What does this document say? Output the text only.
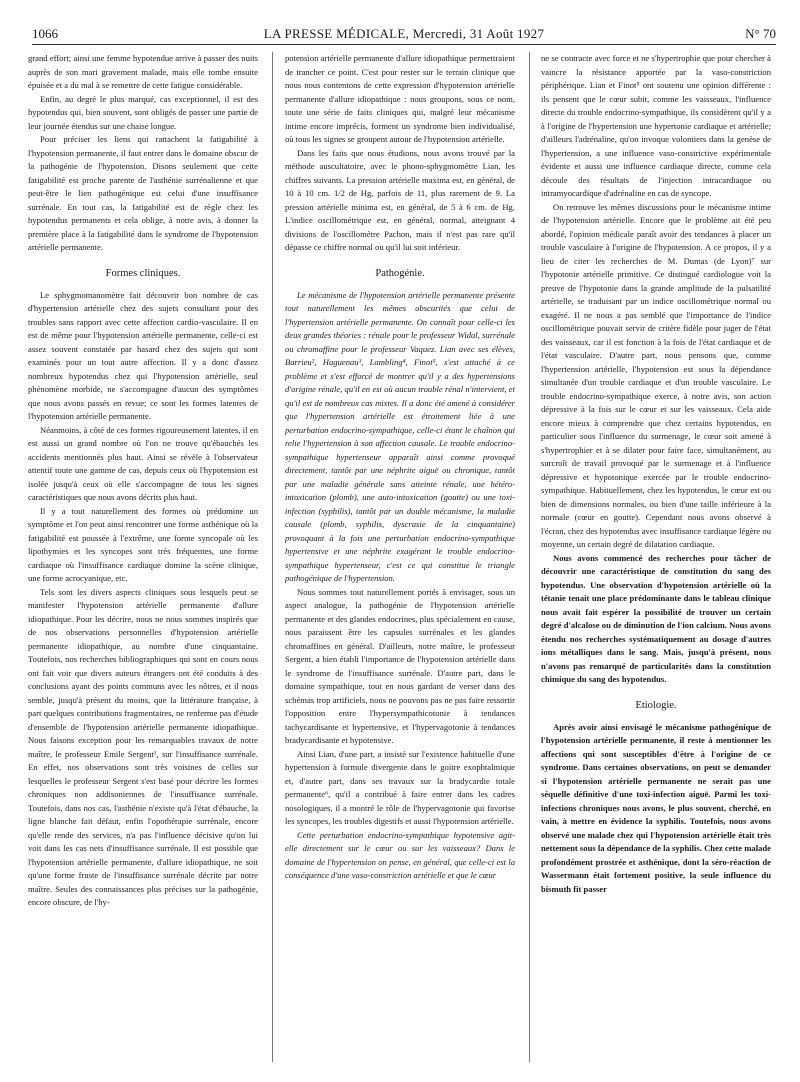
1066	LA PRESSE MÉDICALE, Mercredi, 31 Août 1927	N° 70

grand effort; ainsi une femme hypotendue arrive à passer des nuits auprès de son mari gravement malade, mais elle tombe ensuite épuisée et a du mal à se remettre de cette fatigue considérable.

Enfin, au degré le plus marqué, cas exceptionnel, il est des hypotendus qui, bien souvent, sont obligés de passer une partie de leur journée étendus sur une chaise longue.

Pour préciser les liens qui rattachent la fatigabilité à l'hypotension permanente, il faut entrer dans le domaine obscur de la pathogénie de l'hypotension. Disons seulement que cette fatigabilité est proche parente de l'asthénie surrénalienne et que peut-être le lien pathogénique est celui d'une insuffisance surrénale. En tout cas, la fatigabilité est de règle chez les hypotendus permanents et cela oblige, à notre avis, à donner la première place à la fatigabilité dans le syndrome de l'hypotension artérielle permanente.

Formes cliniques.

Le sphygmomanomètre fait découvrir bon nombre de cas d'hypertension artérielle chez des sujets consultant pour des troubles sans rapport avec cette affection cardio-vasculaire. Il en est de même pour l'hypotension artérielle permanente, celle-ci est assez souvent constatée par hasard chez des sujets qui sont examinés pour un tout autre affection. Il y a donc d'assez nombreux hypotendus chez qui l'hypotension artérielle, seul phénomène morbide, ne s'accompagne d'aucun des symptômes que nous avons passés en revue; ce sont les formes latentes de l'hypotension artérielle permanente.

Néanmoins, à côté de ces formes rigoureusement latentes, il en est aussi un grand nombre où l'on ne trouve qu'ébauchés les accidents mentionnés plus haut. Ainsi se révèle à l'observateur attentif toute une gamme de cas, depuis ceux où l'hypotension est isolée jusqu'à ceux où elle s'accompagne de tous les signes caractéristiques que nous avons décrits plus haut.

Il y a tout naturellement des formes où prédomine un symptôme et l'on peut ainsi rencontrer une forme asthénique où la fatigabilité est poussée à l'extrême, une forme syncopale où les lipothymies et les syncopes sont très fréquentes, une forme cardiaque où l'insuffisance cardiaque domine la scène clinique, une forme acrocyanique, etc.

Tels sont les divers aspects cliniques sous lesquels peut se manifester l'hypotension artérielle permanente d'allure idiopathique. Pour les décrire, nous ne nous sommes inspirés que de nos observations personnelles d'hypotension artérielle permanente idiopathique, au nombre d'une cinquantaine. Toutefois, nos recherches bibliographiques qui sont en cours nous ont fait voir que divers auteurs étrangers ont été conduits à des conclusions ayant des points communs avec les nôtres, et il nous semble, jusqu'à présent du moins, que la littérature française, à part quelques contributions fragmentaires, ne renferme pas d'étude d'ensemble de l'hypotension artérielle permanente idiopathique. Nous faisons exception pour les remarquables travaux de notre maître, le professeur Emile Sergent¹, sur l'insuffisance surrénale. En effet, nos observations sont très voisines de celles sur lesquelles le professeur Sergent s'est basé pour décrire les formes chroniques non addisoniennes de l'insuffisance surrénale. Toutefois, dans nos cas, l'asthénie n'existe qu'à l'état d'ébauche, la ligne blanche fait défaut, enfin l'opothérapie surrénale, encore qu'elle rende des services, n'a pas l'influence décisive qu'on lui voit dans les cas nets d'insuffisance surrénale. Il est possible que l'hypotension artérielle permanente, d'allure idiopathique, ne soit qu'une forme fruste de l'insuffisance surrénale décrite par notre maître. Seules des connaissances plus précises sur la pathogénie, encore obscure, de l'hy-

potension artérielle permanente d'allure idiopathique permettraient de trancher ce point. C'est pour rester sur le terrain clinique que nous nous contentons de cette expression d'hypotension artérielle permanente d'allure idiopathique : nous groupons, sous ce nom, toute une série de faits cliniques qui, malgré leur mécanisme intime encore imprécis, forment un syndrome bien individualisé, où tous les signes se groupent autour de l'hypotension artérielle.

Dans les faits que nous étudions, nous avons trouvé par la méthode auscultatoire, avec le phono-sphygmomètre Lian, les chiffres suivants. La pression artérielle maxima est, en général, de 10 à 10 cm. 1/2 de Hg, parfois de 11, plus rarement de 9. La pression artérielle minima est, en général, de 5 à 6 cm. de Hg. L'indice oscillométrique est, en général, normal, atteignant 4 divisions de l'oscillomètre Pachon, mais il n'est pas rare qu'il dépasse ce chiffre normal ou qu'il lui soit inférieur.

Pathogénie.

Le mécanisme de l'hypotension artérielle permanente présente tout naturellement les mêmes obscurités que celui de l'hypertension artérielle permanente. On connaît pour celle-ci les deux grandes théories : rénale pour le professeur Widal, surrénale ou chromaffine pour le professeur Vaquez. Lian avec ses élèves, Barrieu², Haguenau³, Lambling⁴, Finot⁵, s'est attaché à ce problème et s'est efforcé de montrer qu'il y a des hypertensions d'origine rénale, qu'il en est où aucun trouble rénal n'intervient, et qu'il est de nombreux cas mixtes. Il a donc été amené à considérer que l'hypertension artérielle est étroitement liée à une perturbation endocrino-sympathique, celle-ci étant le chaînon qui relie l'hypertension à son affection causale. Le trouble endocrino-sympathique hypertenseur apparaît ainsi comme provoqué directement, tantôt par une néphrite aiguë ou chronique, tantôt par une maladie générale sans atteinte rénale, une hétéro-intoxication (plomb), une auto-intoxication (goutte) ou une toxi-infection (syphilis), tantôt par un double mécanisme, la maladie causale (plomb, syphilis, dyscrasie de la cinquantaine) provoquant à la fois une perturbation endocrino-sympathique hypertensive et une néphrite exagérant le trouble endocrino-sympathique hypertenseur, c'est ce qui constitue le triangle pathogénique de l'hypertension.

Nous sommes tout naturellement portés à envisager, sous un aspect analogue, la pathogénie de l'hypotension artérielle permanente et des glandes endocrines, plus spécialement en cause, nous paraissent être les capsules surrénales et les glandes chromaffines en général. D'ailleurs, notre maître, le professeur Sergent, a bien établi l'importance de l'hypotension artérielle dans le syndrome de l'insuffisance surrénale. D'autre part, dans le domaine sympathique, tout en nous gardant de verser dans des schémas trop artificiels, nous ne pouvons pas ne pas faire ressortir l'opposition entre l'hypersympathicotonie à tendances tachycardisante et hypertensive, et l'hypervagotonie à tendances bradycardisante et hypotensive.

Ainsi Lian, d'une part, a insisté sur l'existence habituelle d'une hypertension à formule divergente dans le goitre exophtalmique et, d'autre part, dans ses travaux sur la bradycardie totale permanente⁶, qu'il a contribué à faire entrer dans les cadres nosologiques, il a montré le rôle de l'hypervagotonie qui favorise les syncopes, les troubles digestifs et aussi l'hypotension artérielle.

Cette perturbation endocrino-sympathique hypotensive agit-elle directement sur le cœur ou sur les vaisseaux? Dans le domaine de l'hypertension on pense, en général, que celle-ci est la conséquence d'une vaso-constriction artérielle et que le cœur

ne se contracte avec force et ne s'hypertrophie que pour chercher à vaincre la résistance apportée par la vaso-constriction périphérique. Lian et Finot⁵ ont soutenu une opinion différente : ils pensent que le cœur subit, comme les vaisseaux, l'influence directe du trouble endocrino-sympathique, ils considèrent qu'il y a à l'origine de l'hypertension une hypertonie cardiaque et artérielle; d'ailleurs l'adrénaline, qu'on invoque volontiers dans la genèse de l'hypertension, a une influence vaso-constrictive expérimentale évidente et aussi une influence cardiaque directe, comme cela découle des résultats de l'injection intracardiaque ou intramyocardique d'adrénaline en cas de syncope.

On retrouve les mêmes discussions pour le mécanisme intime de l'hypotension artérielle. Encore que le problème ait été peu abordé, l'opinion médicale paraît avoir des tendances à placer un trouble vasculaire à l'origine de l'hypotension. A ce propos, il y a lieu de citer les recherches de M. Dumas (de Lyon)⁷ sur l'hypotonie artérielle primitive. Ce distingué cardiologue voit la preuve de l'hypotonie dans la grande amplitude de la pulsatilité artérielle, se traduisant par un indice oscillométrique normal ou exagéré. Il ne nous a pas semblé que l'importance de l'indice oscillométrique pouvait servir de critère fidèle pour juger de l'état des vaisseaux, car il est fonction à la fois de l'état cardiaque et de l'état vasculaire. D'autre part, nous pensons que, comme l'hypertension artérielle, l'hypotension est sous la dépendance simultanée d'un trouble cardiaque et d'un trouble vasculaire. Le trouble endocrino-sympathique exerce, à notre avis, son action dépressive à la fois sur le cœur et sur les vaisseaux. Cela aide encore mieux à comprendre que chez certains hypotendus, en particulier sous l'influence du surmenage, le cœur soit amené à s'hypertrophier et à se dilater pour faire face, simultanément, au surcroît de travail provoqué par le surmenage et à l'influence dépressive et hypotonique exercée par le trouble endocrino-sympathique. Habituellement, chez les hypotendus, le cœur est ou bien de dimensions normales, ou bien d'une taille inférieure à la normale (cœur en goutte). Cependant nous avons observé à l'écran, chez des hypotendus avec insuffisance cardiaque légère ou moyenne, un certain degré de dilatation cardiaque.

Nous avons commencé des recherches pour tâcher de découvrir une caractéristique de constitution du sang des hypotendus. Une observation d'hypotension artérielle où la tétanie tenait une place prédominante dans le tableau clinique nous avait fait espérer la possibilité de trouver un certain degré d'alcalose ou de diminution de l'ion calcium. Nous avons étendu nos recherches systématiquement au dosage d'autres ions métalliques dans le sang. Mais, jusqu'à présent, nous n'avons pas remarqué de particularités dans la constitution chimique du sang des hypotendus.

Etiologie.

Après avoir ainsi envisagé le mécanisme pathogénique de l'hypotension artérielle permanente, il reste à mentionner les affections qui sont susceptibles d'être à l'origine de ce syndrome. Dans certaines observations, on peut se demander si l'hypotension artérielle permanente ne serait pas une séquelle définitive d'une toxi-infection aiguë. Parmi les toxi-infections chroniques nous avons, le plus souvent, cherché, en vain, à mettre en évidence la syphilis. Toutefois, nous avons observé une malade chez qui l'hypotension artérielle était très nettement sous la dépendance de la syphilis. Chez cette malade profondément prostrée et asthénique, dont la séro-réaction de Wassermann était fortement positive, la seule influence du bismuth fit passer
